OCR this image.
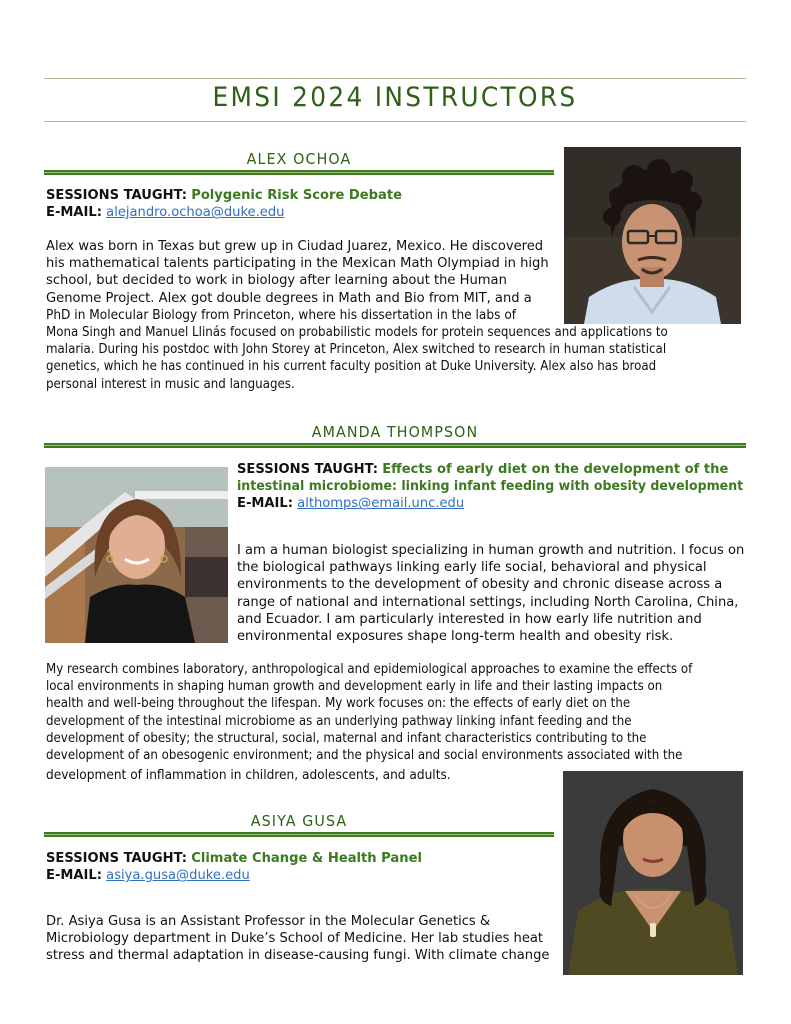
EMSI 2024 INSTRUCTORS
ALEX OCHOA
SESSIONS TAUGHT: Polygenic Risk Score Debate
E-MAIL: alejandro.ochoa@duke.edu
Alex was born in Texas but grew up in Ciudad Juarez, Mexico. He discovered
his mathematical talents participating in the Mexican Math Olympiad in high
school, but decided to work in biology after learning about the Human
Genome Project. Alex got double degrees in Math and Bio from MIT, and a
PhD in Molecular Biology from Princeton, where his dissertation in the labs of
Mona Singh and Manuel Llinás focused on probabilistic models for protein sequences and applications to
malaria. During his postdoc with John Storey at Princeton, Alex switched to research in human statistical
genetics, which he has continued in his current faculty position at Duke University. Alex also has broad
personal interest in music and languages.
AMANDA THOMPSON
SESSIONS TAUGHT: Effects of early diet on the development of the
intestinal microbiome: linking infant feeding with obesity development
E-MAIL: althomps@email.unc.edu
I am a human biologist specializing in human growth and nutrition. I focus on
the biological pathways linking early life social, behavioral and physical
environments to the development of obesity and chronic disease across a
range of national and international settings, including North Carolina, China,
and Ecuador. I am particularly interested in how early life nutrition and
environmental exposures shape long-term health and obesity risk.
My research combines laboratory, anthropological and epidemiological approaches to examine the effects of
local environments in shaping human growth and development early in life and their lasting impacts on
health and well-being throughout the lifespan. My work focuses on: the effects of early diet on the
development of the intestinal microbiome as an underlying pathway linking infant feeding and the
development of obesity; the structural, social, maternal and infant characteristics contributing to the
development of an obesogenic environment; and the physical and social environments associated with the
development of inflammation in children, adolescents, and adults.
ASIYA GUSA
SESSIONS TAUGHT: Climate Change & Health Panel
E-MAIL: asiya.gusa@duke.edu
Dr. Asiya Gusa is an Assistant Professor in the Molecular Genetics &
Microbiology department in Duke’s School of Medicine. Her lab studies heat
stress and thermal adaptation in disease-causing fungi. With climate change
